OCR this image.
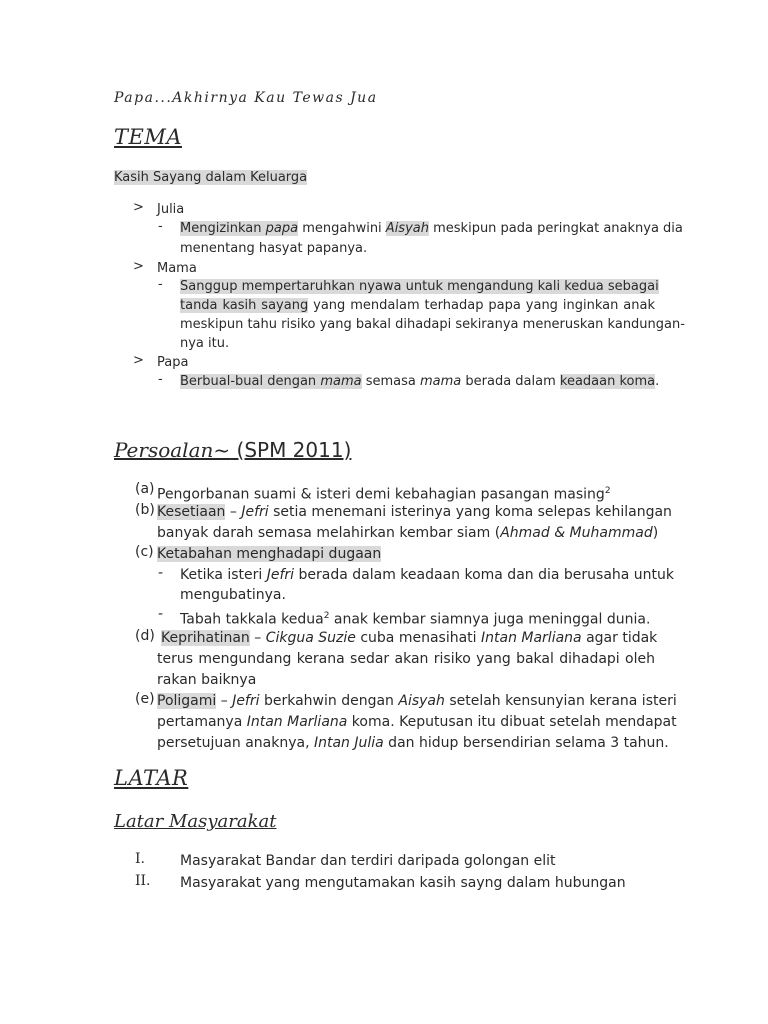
Papa...Akhirnya Kau Tewas Jua
TEMA
Kasih Sayang dalam Keluarga
> Julia
- Mengizinkan papa mengahwini Aisyah meskipun pada peringkat anaknya dia
menentang hasyat papanya.
> Mama
- Sanggup mempertaruhkan nyawa untuk mengandung kali kedua sebagai
tanda kasih sayang yang mendalam terhadap papa yang inginkan anak
meskipun tahu risiko yang bakal dihadapi sekiranya meneruskan kandungan-
nya itu.
> Papa
- Berbual-bual dengan mama semasa mama berada dalam keadaan koma.
Persoalan~ (SPM 2011)
(a) Pengorbanan suami & isteri demi kebahagian pasangan masing$^2$
(b) Kesetiaan – Jefri setia menemani isterinya yang koma selepas kehilangan
banyak darah semasa melahirkan kembar siam (Ahmad & Muhammad)
(c) Ketabahan menghadapi dugaan
- Ketika isteri Jefri berada dalam keadaan koma dan dia berusaha untuk
mengubatinya.
- Tabah takkala kedua$^2$ anak kembar siamnya juga meninggal dunia.
(d) Keprihatinan – Cikgua Suzie cuba menasihati Intan Marliana agar tidak
terus mengundang kerana sedar akan risiko yang bakal dihadapi oleh
rakan baiknya
(e) Poligami – Jefri berkahwin dengan Aisyah setelah kensunyian kerana isteri
pertamanya Intan Marliana koma. Keputusan itu dibuat setelah mendapat
persetujuan anaknya, Intan Julia dan hidup bersendirian selama 3 tahun.
LATAR
Latar Masyarakat
I.	Masyarakat Bandar dan terdiri daripada golongan elit
II. Masyarakat yang mengutamakan kasih sayng dalam hubungan
